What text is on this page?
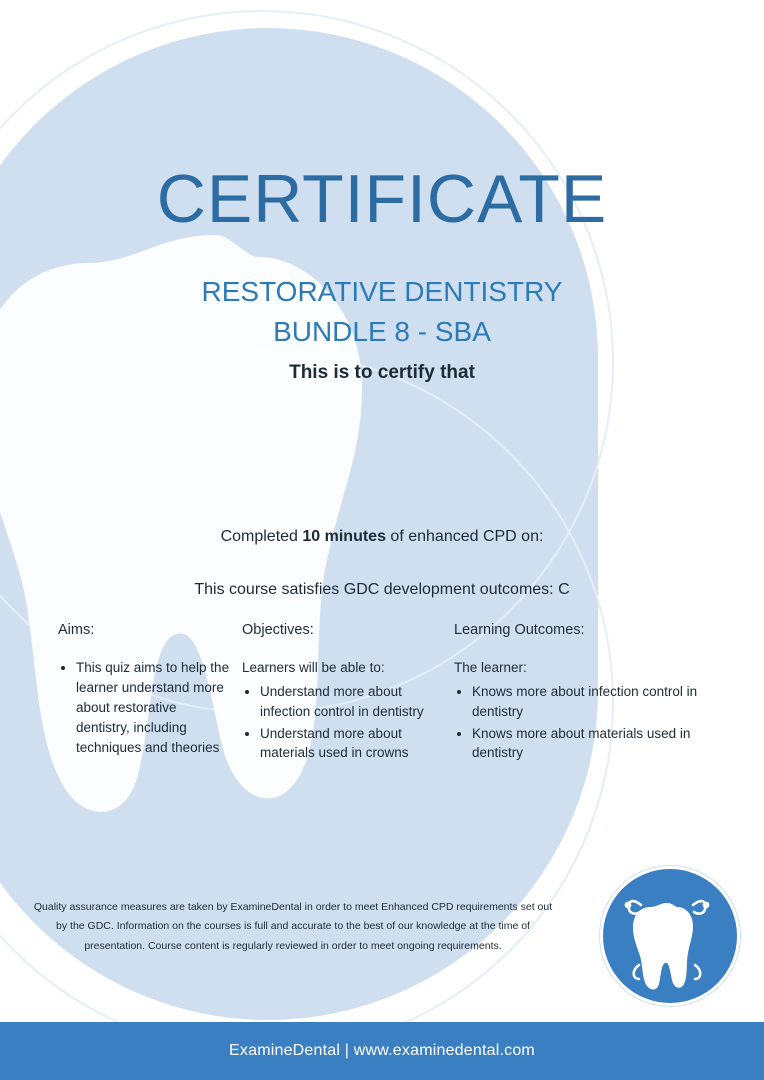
CERTIFICATE
RESTORATIVE DENTISTRY
BUNDLE 8 - SBA
This is to certify that
Completed 10 minutes of enhanced CPD on:
This course satisfies GDC development outcomes: C
Aims:
• This quiz aims to help the learner understand more about restorative dentistry, including techniques and theories
Objectives:

Learners will be able to:

• Understand more about infection control in dentistry
• Understand more about materials used in crowns
Learning Outcomes:

The learner:

• Knows more about infection control in dentistry
• Knows more about materials used in dentistry
Quality assurance measures are taken by ExamineDental in order to meet Enhanced CPD requirements set out by the GDC. Information on the courses is full and accurate to the best of our knowledge at the time of presentation. Course content is regularly reviewed in order to meet ongoing requirements.
ExamineDental | www.examinedental.com
